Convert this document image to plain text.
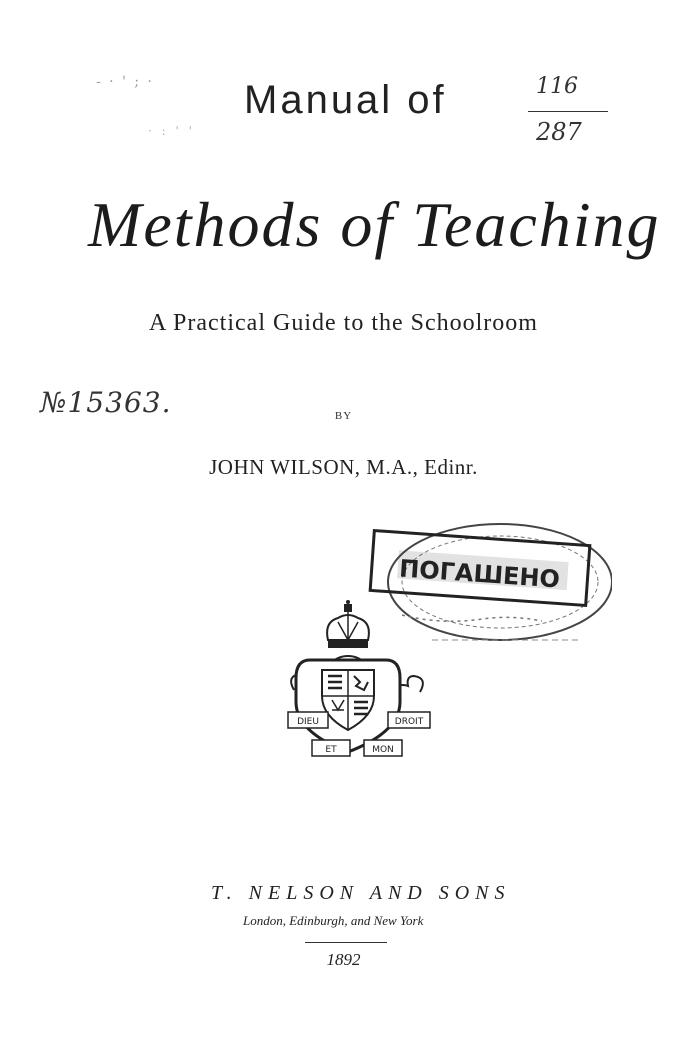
- · ' ; ·
· : ' '
Manual of	116
287
Methods of Teaching
A Practical Guide to the Schoolroom
№15363.	BY
JOHN WILSON, M.A., Edinr.
ПОГАШЕНО
DIEU	DROIT
ET	MON
T. NELSON AND SONS
London, Edinburgh, and New York
1892
